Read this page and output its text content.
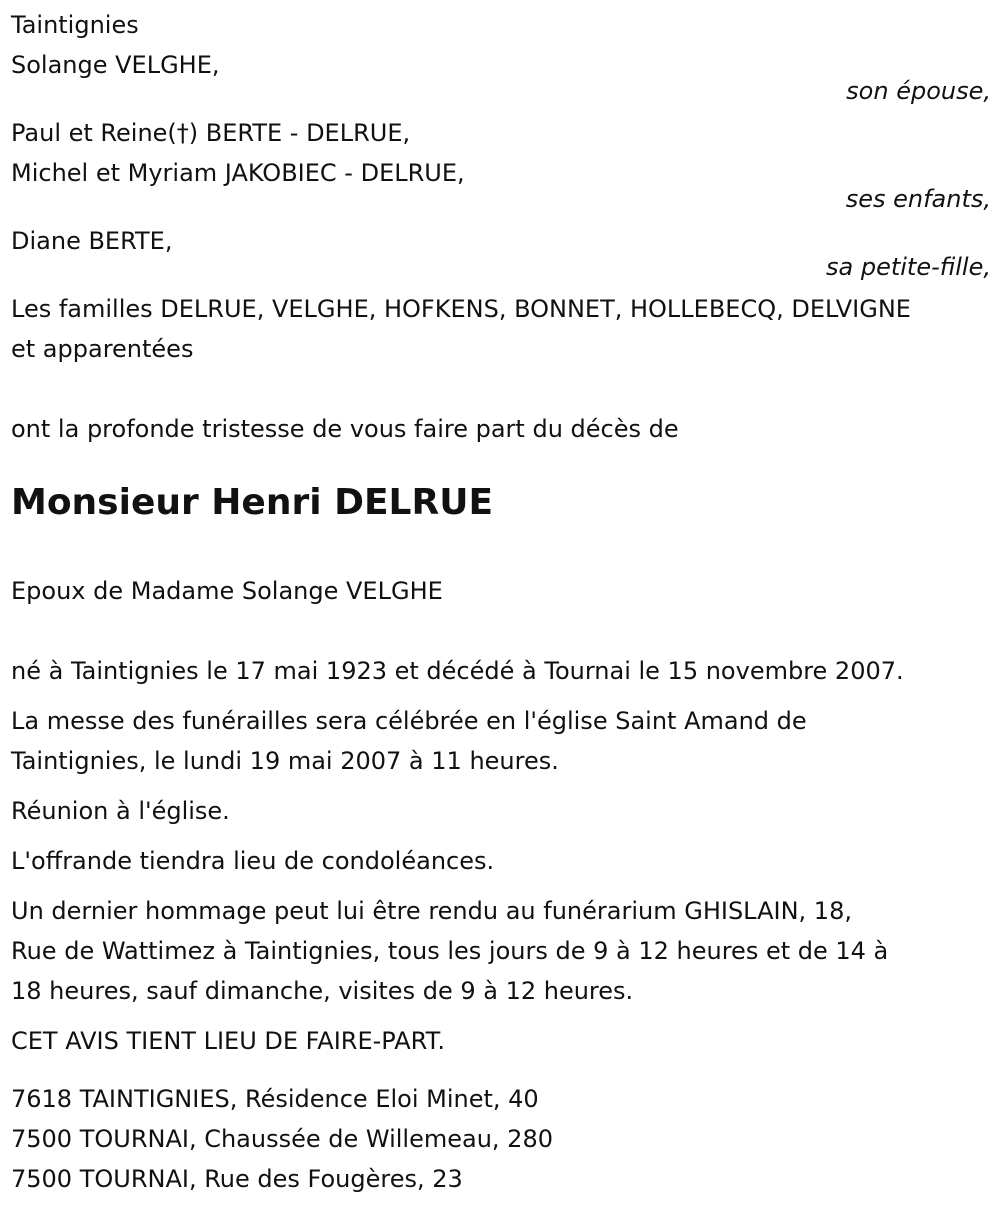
Taintignies
Solange VELGHE,
son épouse,
Paul et Reine(†) BERTE - DELRUE,
Michel et Myriam JAKOBIEC - DELRUE,
ses enfants,
Diane BERTE,
sa petite-fille,
Les familles DELRUE, VELGHE, HOFKENS, BONNET, HOLLEBECQ, DELVIGNE
et apparentées
ont la profonde tristesse de vous faire part du décès de
Monsieur Henri DELRUE
Epoux de Madame Solange VELGHE
né à Taintignies le 17 mai 1923 et décédé à Tournai le 15 novembre 2007.
La messe des funérailles sera célébrée en l'église Saint Amand de
Taintignies, le lundi 19 mai 2007 à 11 heures.
Réunion à l'église.
L'offrande tiendra lieu de condoléances.
Un dernier hommage peut lui être rendu au funérarium GHISLAIN, 18,
Rue de Wattimez à Taintignies, tous les jours de 9 à 12 heures et de 14 à
18 heures, sauf dimanche, visites de 9 à 12 heures.
CET AVIS TIENT LIEU DE FAIRE-PART.
7618 TAINTIGNIES, Résidence Eloi Minet, 40
7500 TOURNAI, Chaussée de Willemeau, 280
7500 TOURNAI, Rue des Fougères, 23
